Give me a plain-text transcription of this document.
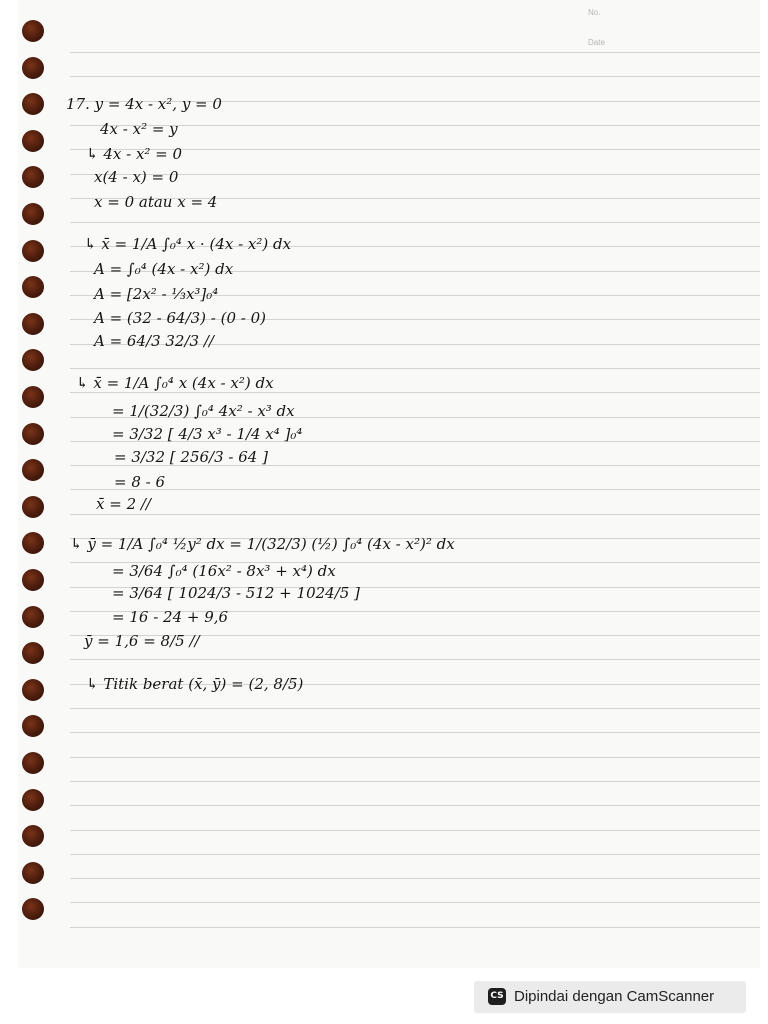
No.
Date
17. y = 4x - x², y = 0
4x - x² = y
↳ 4x - x² = 0
x(4 - x) = 0
x = 0 atau x = 4
↳ x̄ = 1/A ∫₀⁴ x · (4x - x²) dx
A = ∫₀⁴ (4x - x²) dx
A = [2x² - ⅓x³]₀⁴
A = (32 - 64/3) - (0 - 0)
A = 64/3 32/3 //
↳ x̄ = 1/A ∫₀⁴ x (4x - x²) dx
= 1/(32/3) ∫₀⁴ 4x² - x³ dx
= 3/32 [ 4/3 x³ - 1/4 x⁴ ]₀⁴
= 3/32 [ 256/3 - 64 ]
= 8 - 6
x̄ = 2 //
↳ ȳ = 1/A ∫₀⁴ ½y² dx = 1/(32/3) (½) ∫₀⁴ (4x - x²)² dx
= 3/64 ∫₀⁴ (16x² - 8x³ + x⁴) dx
= 3/64 [ 1024/3 - 512 + 1024/5 ]
= 16 - 24 + 9,6
ȳ = 1,6 = 8/5 //
↳ Titik berat (x̄, ȳ) = (2, 8/5)
CS Dipindai dengan CamScanner
